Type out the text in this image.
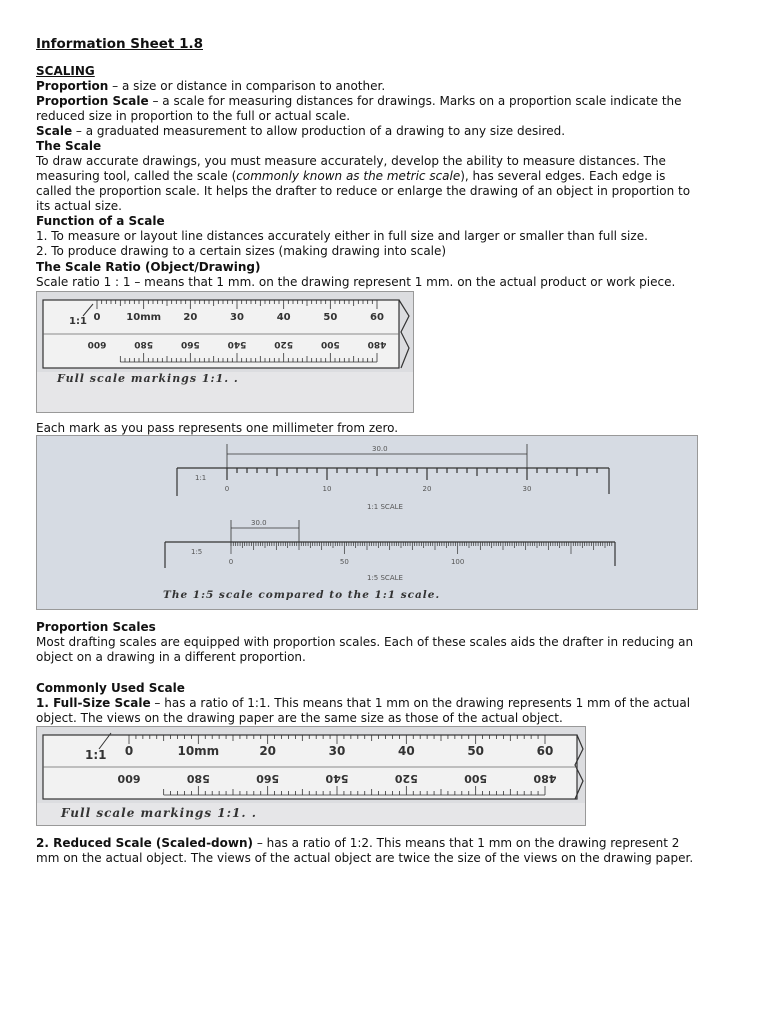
Information Sheet 1.8

SCALING

Proportion – a size or distance in comparison to another.

Proportion Scale – a scale for measuring distances for drawings. Marks on a proportion scale indicate the

reduced size in proportion to the full or actual scale.

Scale – a graduated measurement to allow production of a drawing to any size desired.

The Scale

To draw accurate drawings, you must measure accurately, develop the ability to measure distances. The

measuring tool, called the scale (commonly known as the metric scale), has several edges. Each edge is

called the proportion scale. It helps the drafter to reduce or enlarge the drawing of an object in proportion to

its actual size.

Function of a Scale

1. To measure or layout line distances accurately either in full size and larger or smaller than full size.

2. To produce drawing to a certain sizes (making drawing into scale)

The Scale Ratio (Object/Drawing)

Scale ratio 1 : 1 – means that 1 mm. on the drawing represent 1 mm. on the actual product or work piece.

0	10mm 20	30	40	50	60
600	580	560	540	520	500	480
1:1
Full scale markings 1:1. .

Each mark as you pass represents one millimeter from zero.

30.0
1:1
0	10	20	30
1:1 SCALE
30.0
1:5
0	50	100
1:5 SCALE
The 1:5 scale compared to the 1:1 scale.

Proportion Scales

Most drafting scales are equipped with proportion scales. Each of these scales aids the drafter in reducing an

object on a drawing in a different proportion.

Commonly Used Scale

1. Full-Size Scale – has a ratio of 1:1. This means that 1 mm on the drawing represents 1 mm of the actual

object. The views on the drawing paper are the same size as those of the actual object.

0	10mm	20	30	40	50	60
600	580	560	540	520	500	480
1:1
Full scale markings 1:1. .

2. Reduced Scale (Scaled-down) – has a ratio of 1:2. This means that 1 mm on the drawing represent 2

mm on the actual object. The views of the actual object are twice the size of the views on the drawing paper.
